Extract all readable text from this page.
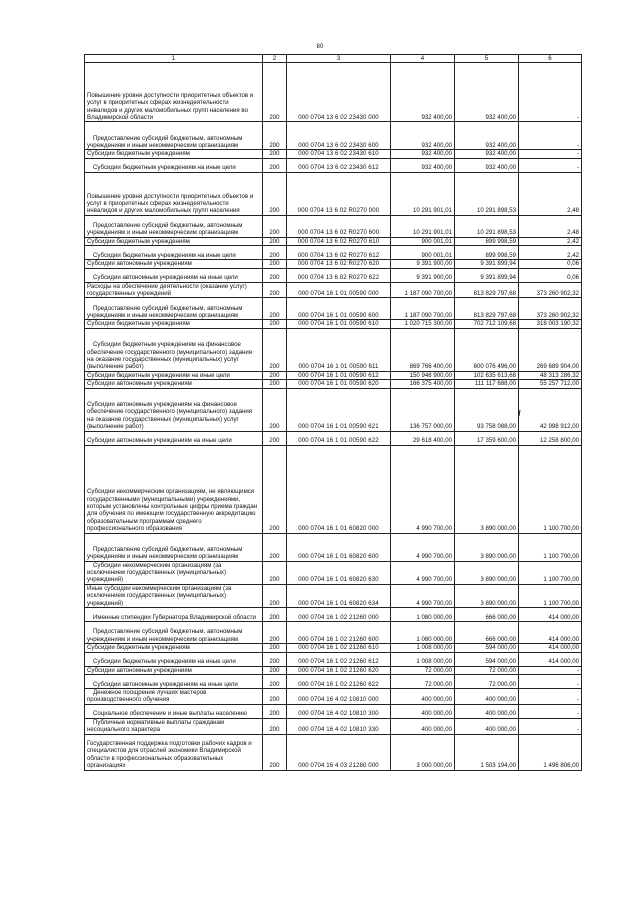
80
1	2	3	4	5	6
Повышение уровня доступности приоритетных объектов и услуг в приоритетных сферах жизнедеятельности инвалидов и других маломобильных групп населения во Владимирской области	200	000 0704 13 6 02 23430 000	932 400,00	932 400,00	-
Предоставление субсидий бюджетным, автономным учреждениям и иным некоммерческим организациям	200	000 0704 13 6 02 23430 600	932 400,00	932 400,00	-
Субсидии бюджетным учреждениям	200	000 0704 13 6 02 23430 610	932 400,00	932 400,00	-
Субсидии бюджетным учреждениям на иные цели	200	000 0704 13 6 02 23430 612	932 400,00	932 400,00	-
Повышение уровня доступности приоритетных объектов и услуг в приоритетных сферах жизнедеятельности инвалидов и других маломобильных групп населения	200	000 0704 13 6 02 R0270 000	10 291 901,01	10 291 898,53	2,48
Предоставление субсидий бюджетным, автономным учреждениям и иным некоммерческим организациям	200	000 0704 13 6 02 R0270 600	10 291 901,01	10 291 898,53	2,48
Субсидии бюджетным учреждениям	200	000 0704 13 6 02 R0270 610	900 001,01	899 998,59	2,42
Субсидии бюджетным учреждениям на иные цели	200	000 0704 13 6 02 R0270 612	900 001,01	899 998,59	2,42
Субсидии автономным учреждениям	200	000 0704 13 6 02 R0270 620	9 391 900,00	9 391 899,94	0,06
Субсидии автономным учреждениям на иные цели	200	000 0704 13 6 02 R0270 622	9 391 900,00	9 391 899,94	0,06
Расходы на обеспечение деятельности (оказание услуг) государственных учреждений	200	000 0704 16 1 01 00590 000	1 187 090 700,00	813 829 797,68	373 260 902,32
Предоставление субсидий бюджетным, автономным учреждениям и иным некоммерческим организациям	200	000 0704 16 1 01 00590 600	1 187 090 700,00	813 829 797,68	373 260 902,32
Субсидии бюджетным учреждениям	200	000 0704 16 1 01 00590 610	1 020 715 300,00	702 712 109,68	318 003 190,32
Субсидии бюджетным учреждениям на финансовое обеспечение государственного (муниципального) задания на оказание государственных (муниципальных) услуг (выполнение работ)	200	000 0704 16 1 01 00590 611	869 766 400,00	600 076 496,00	269 689 904,00
Субсидии бюджетным учреждениям на иные цели	200	000 0704 16 1 01 00590 612	150 948 900,00	102 635 613,68	48 313 286,32
Субсидии автономным учреждениям	200	000 0704 16 1 01 00590 620	166 375 400,00	111 117 688,00	55 257 712,00
Субсидии автономным учреждениям на финансовое обеспечение государственного (муниципального) задания на оказание государственных (муниципальных) услуг (выполнение работ)	200	000 0704 16 1 01 00590 621	136 757 000,00	93 758 088,00	42 998 912,00
Субсидии автономным учреждениям на иные цели	200	000 0704 16 1 01 00590 622	29 618 400,00	17 359 600,00	12 258 800,00
Субсидии некоммерческим организациям, не являющимся государственными (муниципальными) учреждениями, которым установлены контрольные цифры приема граждан для обучения по имеющим государственную аккредитацию образовательным программам среднего профессионального образования	200	000 0704 16 1 01 60820 000	4 990 700,00	3 890 000,00	1 100 700,00
Предоставление субсидий бюджетным, автономным учреждениям и иным некоммерческим организациям	200	000 0704 16 1 01 60820 600	4 990 700,00	3 890 000,00	1 100 700,00
Субсидии некоммерческим организациям (за исключением государственных (муниципальных) учреждений)	200	000 0704 16 1 01 60820 630	4 990 700,00	3 890 000,00	1 100 700,00
Иные субсидии некоммерческим организациям (за исключением государственных (муниципальных) учреждений)	200	000 0704 16 1 01 60820 634	4 990 700,00	3 890 000,00	1 100 700,00
Именные стипендии Губернатора Владимирской области	200	000 0704 16 1 02 21260 000	1 080 000,00	666 000,00	414 000,00
Предоставление субсидий бюджетным, автономным учреждениям и иным некоммерческим организациям	200	000 0704 16 1 02 21260 600	1 080 000,00	666 000,00	414 000,00
Субсидии бюджетным учреждениям	200	000 0704 16 1 02 21260 610	1 008 000,00	594 000,00	414 000,00
Субсидии бюджетным учреждениям на иные цели	200	000 0704 16 1 02 21260 612	1 008 000,00	594 000,00	414 000,00
Субсидии автономным учреждениям	200	000 0704 16 1 02 21260 620	72 000,00	72 000,00	-
Субсидии автономным учреждениям на иные цели	200	000 0704 16 1 02 21260 622	72 000,00	72 000,00	-
Денежное поощрение лучших мастеров производственного обучения	200	000 0704 16 4 02 10810 000	400 000,00	400 000,00	-
Социальное обеспечение и иные выплаты населению	200	000 0704 16 4 02 10810 300	400 000,00	400 000,00	-
Публичные нормативные выплаты гражданам несоциального характера	200	000 0704 16 4 02 10810 330	400 000,00	400 000,00	-
Государственная поддержка подготовки рабочих кадров и специалистов для отраслей экономики Владимирской области в профессиональных образовательных организациях	200	000 0704 16 4 03 21280 000	3 000 000,00	1 503 194,00	1 496 806,00
